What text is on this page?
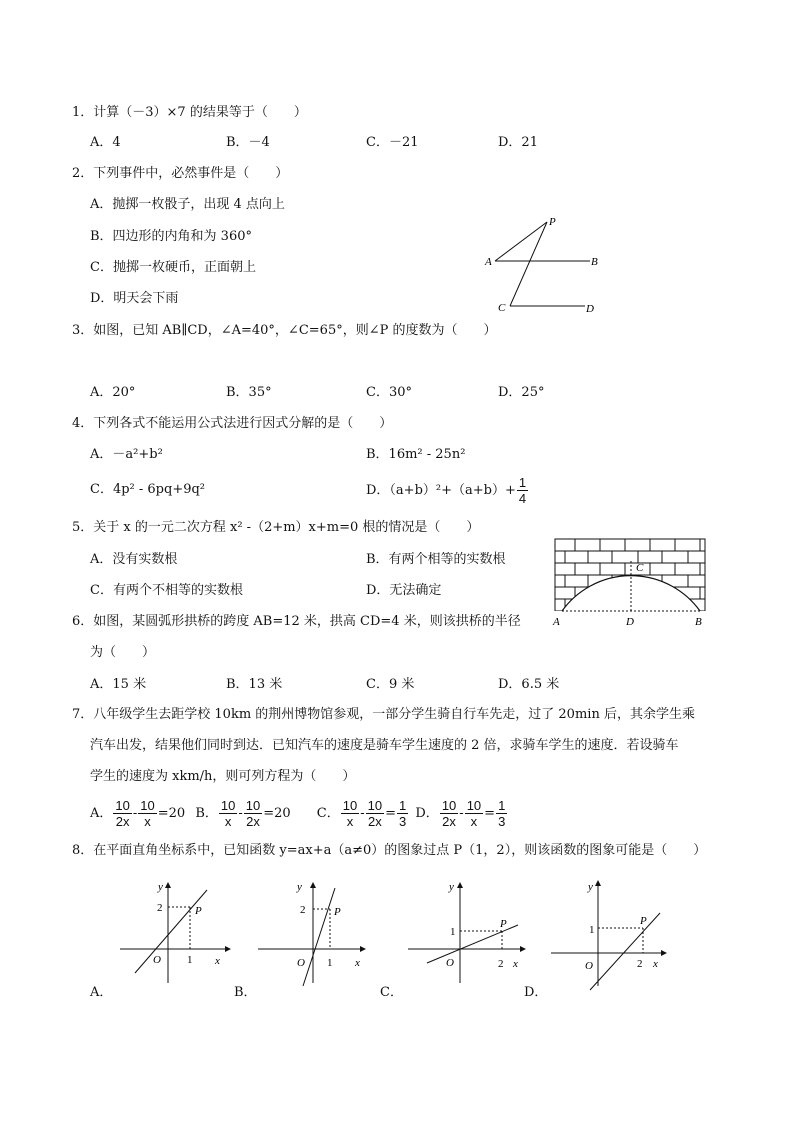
1．计算（－3）×7 的结果等于（　　）
A．4	B．－4	C．－21	D．21
2．下列事件中，必然事件是（　　）
A．抛掷一枚骰子，出现 4 点向上
B．四边形的内角和为 360°
C．抛掷一枚硬币，正面朝上
D．明天会下雨
P
A	B
C	D
3．如图，已知 AB∥CD，∠A=40°，∠C=65°，则∠P 的度数为（　　）
A．20°	B．35°	C．30°	D．25°
4．下列各式不能运用公式法进行因式分解的是（　　）
A．－a²+b²	B．16m² - 25n²
C．4p² - 6pq+9q²	D．$(a+b)^2+(a+b)+ \frac{1}{4}$
5．关于 x 的一元二次方程 x² -（2+m）x+m=0 根的情况是（　　）
A．没有实数根	B．有两个相等的实数根
C．有两个不相等的实数根	D．无法确定
C
A	D	B
6．如图，某圆弧形拱桥的跨度 AB=12 米，拱高 CD=4 米，则该拱桥的半径
为（　　）
A．15 米	B．13 米	C．9 米	D．6.5 米
7．八年级学生去距学校 10km 的荆州博物馆参观，一部分学生骑自行车先走，过了 20min 后，其余学生乘
汽车出发，结果他们同时到达．已知汽车的速度是骑车学生速度的 2 倍，求骑车学生的速度．若设骑车
学生的速度为 xkm/h，则可列方程为（　　）
A． $\frac{10}{2x} - \frac{10}{x} =20$ B． $\frac{10}{x} - \frac{10}{2x} =20$ C． $\frac{10}{x} - \frac{10}{2x} = \frac{1}{3}$ D． $\frac{10}{2x} - \frac{10}{x} = \frac{1}{3}$
8．在平面直角坐标系中，已知函数 y=ax+a（a≠0）的图象过点 P（1，2），则该函数的图象可能是（　　）
y
x
O
P
2
1
A．
y
x
O
P
2
1
B．
y
x
O
P
1
2
C．
y
x
O
P
1
2
D．
